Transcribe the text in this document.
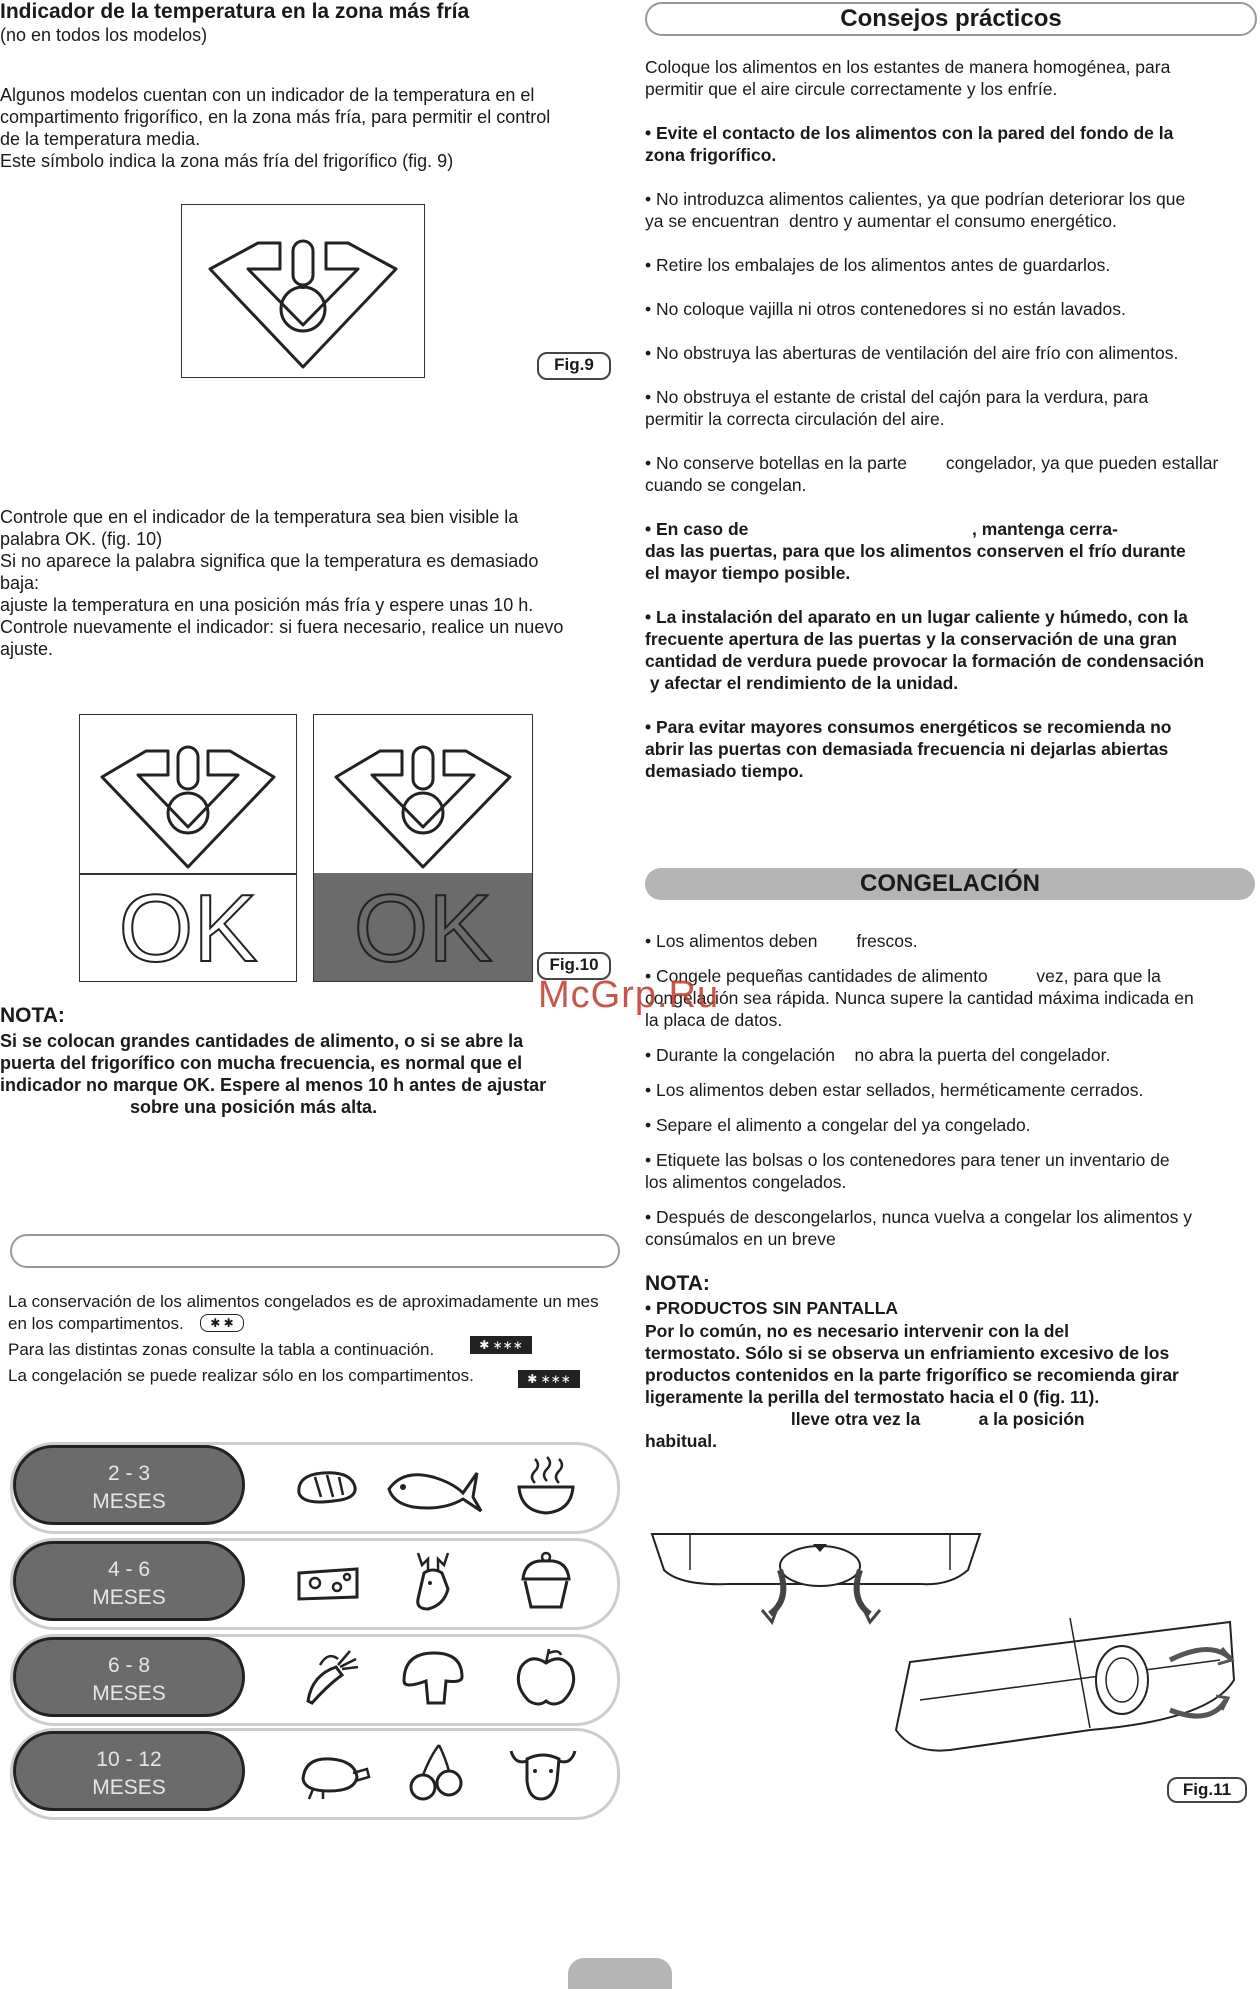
Indicador de la temperatura en la zona más fría
(no en todos los modelos)
Algunos modelos cuentan con un indicador de la temperatura en el
compartimento frigorífico, en la zona más fría, para permitir el control
de la temperatura media.
Este símbolo indica la zona más fría del frigorífico (fig. 9)
Fig.9
Controle que en el indicador de la temperatura sea bien visible la
palabra OK. (fig. 10)
Si no aparece la palabra significa que la temperatura es demasiado
baja:
ajuste la temperatura en una posición más fría y espere unas 10 h.
Controle nuevamente el indicador: si fuera necesario, realice un nuevo
ajuste.
OK	OK	Fig.10
NOTA:
Si se colocan grandes cantidades de alimento, o si se abre la
puerta del frigorífico con mucha frecuencia, es normal que el
indicador no marque OK. Espere al menos 10 h antes de ajustar
sobre una posición más alta.
La conservación de los alimentos congelados es de aproximadamente un mes
en los compartimentos.
Para las distintas zonas consulte la tabla a continuación.
La congelación se puede realizar sólo en los compartimentos.
✱ ✱
✱ ∗∗∗
✱ ∗∗∗
2 - 3
MESES
4 - 6
MESES
6 - 8
MESES
10 - 12
MESES
Consejos prácticos
Coloque los alimentos en los estantes de manera homogénea, para
permitir que el aire circule correctamente y los enfríe.
• Evite el contacto de los alimentos con la pared del fondo de la
zona frigorífico.
• No introduzca alimentos calientes, ya que podrían deteriorar los que
ya se encuentran  dentro y aumentar el consumo energético.
• Retire los embalajes de los alimentos antes de guardarlos.
• No coloque vajilla ni otros contenedores si no están lavados.
• No obstruya las aberturas de ventilación del aire frío con alimentos.
• No obstruya el estante de cristal del cajón para la verdura, para
permitir la correcta circulación del aire.
• No conserve botellas en la parte        congelador, ya que pueden estallar
cuando se congelan.
• En caso de                                              , mantenga cerra-
das las puertas, para que los alimentos conserven el frío durante
el mayor tiempo posible.
• La instalación del aparato en un lugar caliente y húmedo, con la
frecuente apertura de las puertas y la conservación de una gran
cantidad de verdura puede provocar la formación de condensación
y afectar el rendimiento de la unidad.
• Para evitar mayores consumos energéticos se recomienda no
abrir las puertas con demasiada frecuencia ni dejarlas abiertas
demasiado tiempo.
CONGELACIÓN
• Los alimentos deben        frescos.
• Congele pequeñas cantidades de alimento          vez, para que la
congelación sea rápida. Nunca supere la cantidad máxima indicada en
la placa de datos.
• Durante la congelación    no abra la puerta del congelador.
• Los alimentos deben estar sellados, herméticamente cerrados.
• Separe el alimento a congelar del ya congelado.
• Etiquete las bolsas o los contenedores para tener un inventario de
los alimentos congelados.
• Después de descongelarlos, nunca vuelva a congelar los alimentos y
consúmalos en un breve
NOTA:
• PRODUCTOS SIN PANTALLA
Por lo común, no es necesario intervenir con la del
termostato. Sólo si se observa un enfriamiento excesivo de los
productos contenidos en la parte frigorífico se recomienda girar
ligeramente la perilla del termostato hacia el 0 (fig. 11).
lleve otra vez la            a la posición
habitual.
Fig.11
McGrp.Ru
